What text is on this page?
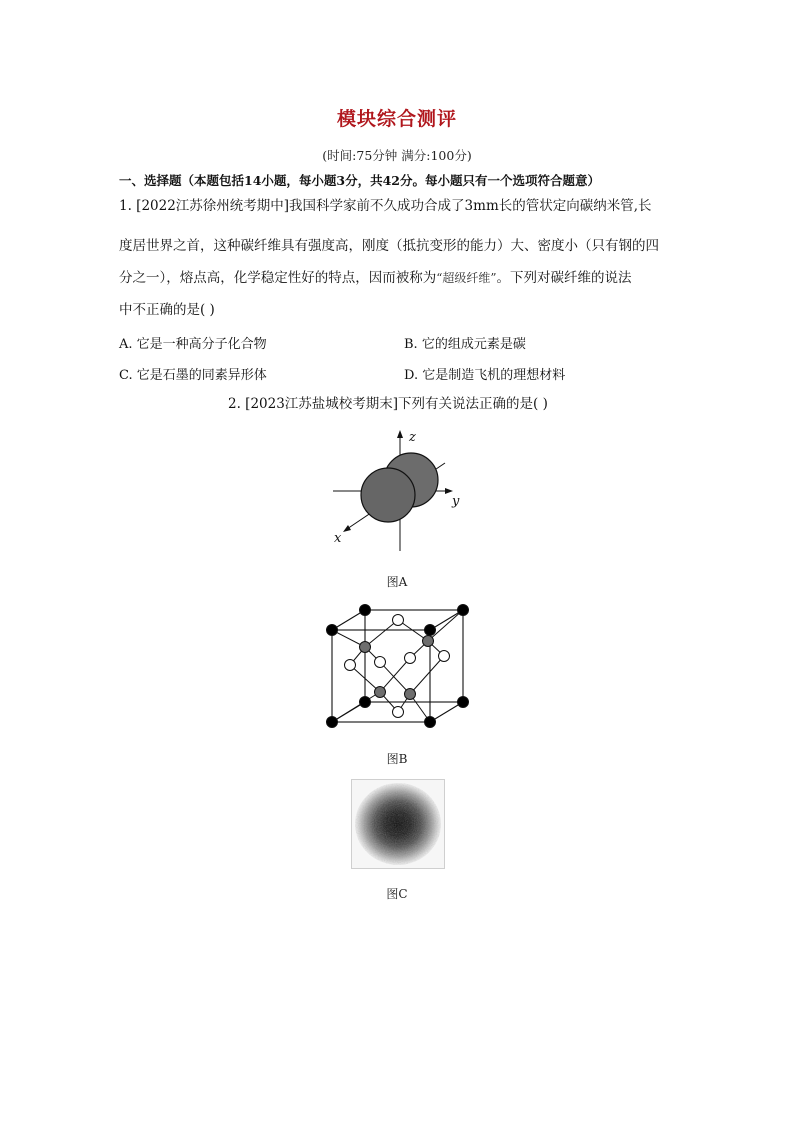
模块综合测评
(时间:75分钟 满分:100分)
一、选择题（本题包括14小题，每小题3分，共42分。每小题只有一个选项符合题意）
1. [2022江苏徐州统考期中]我国科学家前不久成功合成了3mm长的管状定向碳纳米管,长
度居世界之首，这种碳纤维具有强度高，刚度（抵抗变形的能力）大、密度小（只有钢的四
分之一），熔点高，化学稳定性好的特点，因而被称为“超级纤维”。下列对碳纤维的说法
中不正确的是( )
A. 它是一种高分子化合物	B. 它的组成元素是碳
C. 它是石墨的同素异形体	D. 它是制造飞机的理想材料
2. [2023江苏盐城校考期末]下列有关说法正确的是( )
z
y
x
图A
图B
图C
